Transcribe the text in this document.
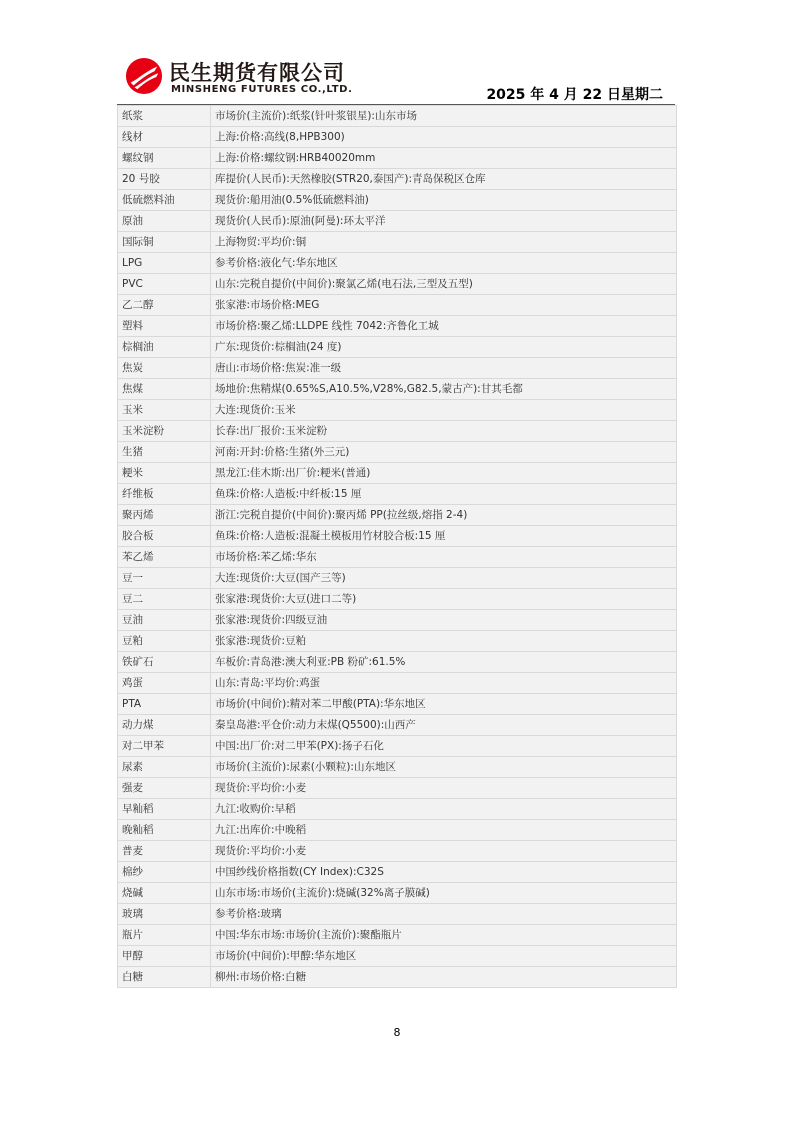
民生期货有限公司
MINSHENG FUTURES CO.,LTD.	2025 年 4 月 22 日星期二
纸浆	市场价(主流价):纸浆(针叶浆银星):山东市场
线材	上海:价格:高线(8,HPB300)
螺纹钢	上海:价格:螺纹钢:HRB40020mm
20 号胶	库提价(人民币):天然橡胶(STR20,泰国产):青岛保税区仓库
低硫燃料油	现货价:船用油(0.5%低硫燃料油)
原油	现货价(人民币):原油(阿曼):环太平洋
国际铜	上海物贸:平均价:铜
LPG	参考价格:液化气:华东地区
PVC	山东:完税自提价(中间价):聚氯乙烯(电石法,三型及五型)
乙二醇	张家港:市场价格:MEG
塑料	市场价格:聚乙烯:LLDPE 线性 7042:齐鲁化工城
棕榈油	广东:现货价:棕榈油(24 度)
焦炭	唐山:市场价格:焦炭:准一级
焦煤	场地价:焦精煤(0.65%S,A10.5%,V28%,G82.5,蒙古产):甘其毛都
玉米	大连:现货价:玉米
玉米淀粉	长春:出厂报价:玉米淀粉
生猪	河南:开封:价格:生猪(外三元)
粳米	黑龙江:佳木斯:出厂价:粳米(普通)
纤维板	鱼珠:价格:人造板:中纤板:15 厘
聚丙烯	浙江:完税自提价(中间价):聚丙烯 PP(拉丝级,熔指 2-4)
胶合板	鱼珠:价格:人造板:混凝土模板用竹材胶合板:15 厘
苯乙烯	市场价格:苯乙烯:华东
豆一	大连:现货价:大豆(国产三等)
豆二	张家港:现货价:大豆(进口二等)
豆油	张家港:现货价:四级豆油
豆粕	张家港:现货价:豆粕
铁矿石	车板价:青岛港:澳大利亚:PB 粉矿:61.5%
鸡蛋	山东:青岛:平均价:鸡蛋
PTA	市场价(中间价):精对苯二甲酸(PTA):华东地区
动力煤	秦皇岛港:平仓价:动力末煤(Q5500):山西产
对二甲苯	中国:出厂价:对二甲苯(PX):扬子石化
尿素	市场价(主流价):尿素(小颗粒):山东地区
强麦	现货价:平均价:小麦
早籼稻	九江:收购价:早稻
晚籼稻	九江:出库价:中晚稻
普麦	现货价:平均价:小麦
棉纱	中国纱线价格指数(CY Index):C32S
烧碱	山东市场:市场价(主流价):烧碱(32%离子膜碱)
玻璃	参考价格:玻璃
瓶片	中国:华东市场:市场价(主流价):聚酯瓶片
甲醇	市场价(中间价):甲醇:华东地区
白糖	柳州:市场价格:白糖
8
